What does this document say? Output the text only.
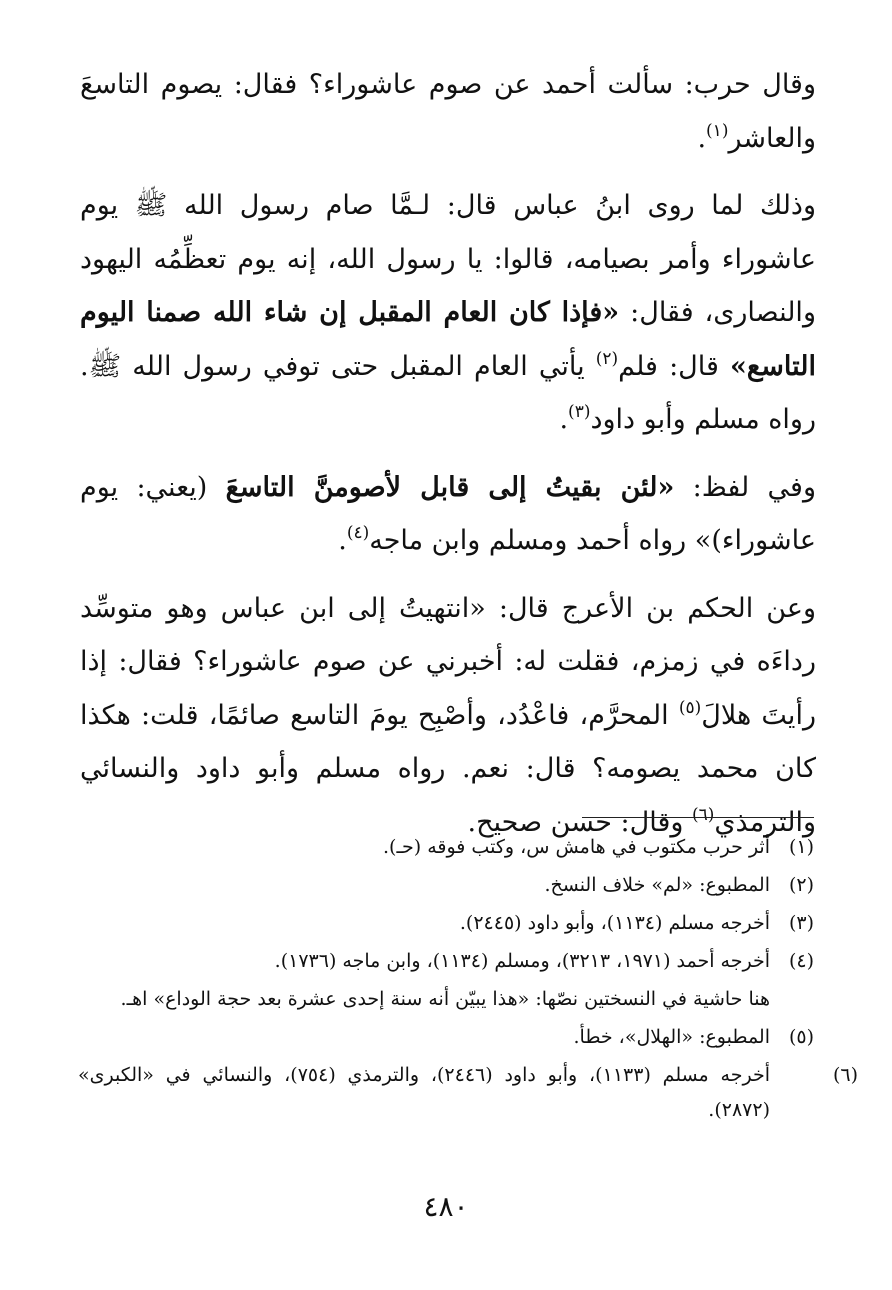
وقال حرب: سألت أحمد عن صوم عاشوراء؟ فقال: يصوم التاسعَ والعاشر$^{(١)}$.

وذلك لما روى ابنُ عباس قال: لـمَّا صام رسول الله ﷺ يوم عاشوراء وأمر بصيامه، قالوا: يا رسول الله، إنه يوم تعظِّمُه اليهود والنصارى، فقال: «فإذا كان العام المقبل إن شاء الله صمنا اليوم التاسع» قال: فلم$^{(٢)}$ يأتي العام المقبل حتى توفي رسول الله ﷺ. رواه مسلم وأبو داود$^{(٣)}$.

وفي لفظ: «لئن بقيتُ إلى قابل لأصومنَّ التاسعَ (يعني: يوم عاشوراء)» رواه أحمد ومسلم وابن ماجه$^{(٤)}$.

وعن الحكم بن الأعرج قال: «انتهيتُ إلى ابن عباس وهو متوسِّد رداءَه في زمزم، فقلت له: أخبرني عن صوم عاشوراء؟ فقال: إذا رأيتَ هلالَ$^{(٥)}$ المحرَّم، فاعْدُد، وأصْبِح يومَ التاسع صائمًا، قلت: هكذا كان محمد يصومه؟ قال: نعم. رواه مسلم وأبو داود والنسائي والترمذي$^{(٦)}$ وقال: حسن صحيح.

(١)أثر حرب مكتوب في هامش س، وكتب فوقه (حـ).

(٢)المطبوع: «لم» خلاف النسخ.

(٣)أخرجه مسلم (١١٣٤)، وأبو داود (٢٤٤٥).

(٤)أخرجه أحمد (١٩٧١، ٣٢١٣)، ومسلم (١١٣٤)، وابن ماجه (١٧٣٦).

هنا حاشية في النسختين نصّها: «هذا يبيّن أنه سنة إحدى عشرة بعد حجة الوداع» اهـ.

(٥)المطبوع: «الهلال»، خطأ.

(٦)أخرجه مسلم (١١٣٣)، وأبو داود (٢٤٤٦)، والترمذي (٧٥٤)، والنسائي في «الكبرى» (٢٨٧٢).

٤٨٠
